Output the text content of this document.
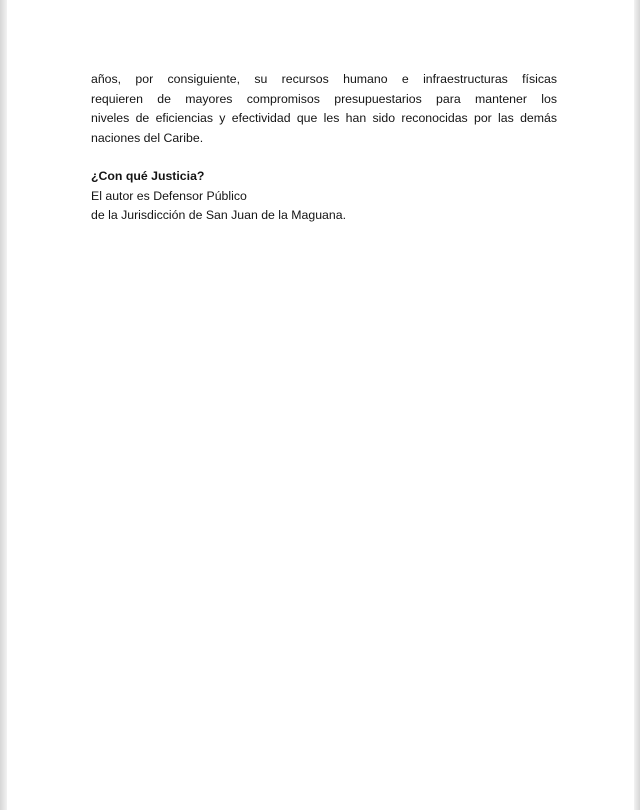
años, por consiguiente, su recursos humano e infraestructuras físicas
requieren de mayores compromisos presupuestarios para mantener los
niveles de eficiencias y efectividad que les han sido reconocidas por las demás
naciones del Caribe.

¿Con qué Justicia?
El autor es Defensor Público
de la Jurisdicción de San Juan de la Maguana.
